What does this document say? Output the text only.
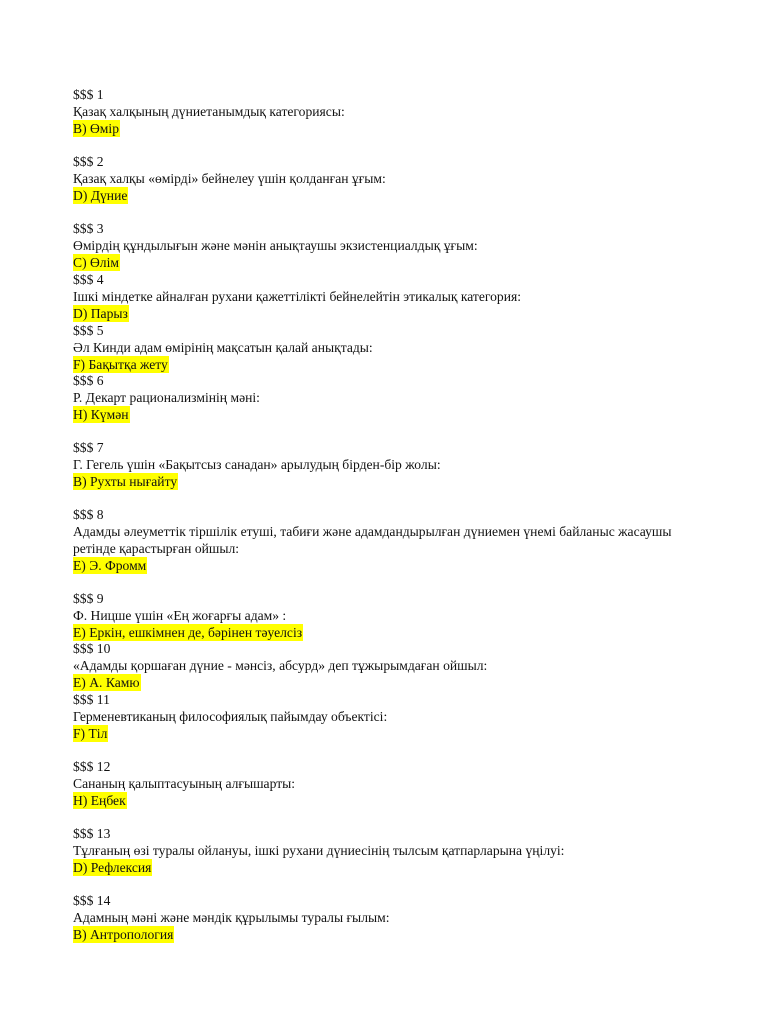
$$$ 1
Қазақ халқының дүниетанымдық категориясы:
B) Өмір
$$$ 2
Қазақ халқы «өмірді» бейнелеу үшін қолданған ұғым:
D) Дүние
$$$ 3
Өмірдің құндылығын және мәнін анықтаушы экзистенциалдық ұғым:
C) Өлім
$$$ 4
Ішкі міндетке айналған рухани қажеттілікті бейнелейтін этикалық категория:
D) Парыз
$$$ 5
Әл Кинди адам өмірінің мақсатын қалай анықтады:
F) Бақытқа жету
$$$ 6
Р. Декарт рационализмінің мәні:
H) Күмән
$$$ 7
Г. Гегель үшін «Бақытсыз санадан» арылудың бірден-бір жолы:
B) Рухты нығайту
$$$ 8
Адамды әлеуметтік тіршілік етуші, табиғи және адамдандырылған дүниемен үнемі байланыс жасаушы ретінде қарастырған ойшыл:
E) Э. Фромм
$$$ 9
Ф. Ницше үшін «Ең жоғарғы адам» :
E) Еркін, ешкімнен де, бәрінен тәуелсіз
$$$ 10
«Адамды қоршаған дүние - мәнсіз, абсурд» деп тұжырымдаған ойшыл:
E) А. Камю
$$$ 11
Герменевтиканың философиялық пайымдау объектісі:
F) Тіл
$$$ 12
Сананың қалыптасуының алғышарты:
H) Еңбек
$$$ 13
Тұлғаның өзі туралы ойлануы, ішкі рухани дүниесінің тылсым қатпарларына үңілуі:
D) Рефлексия
$$$ 14
Адамның мәні және мәндік құрылымы туралы ғылым:
B) Антропология
